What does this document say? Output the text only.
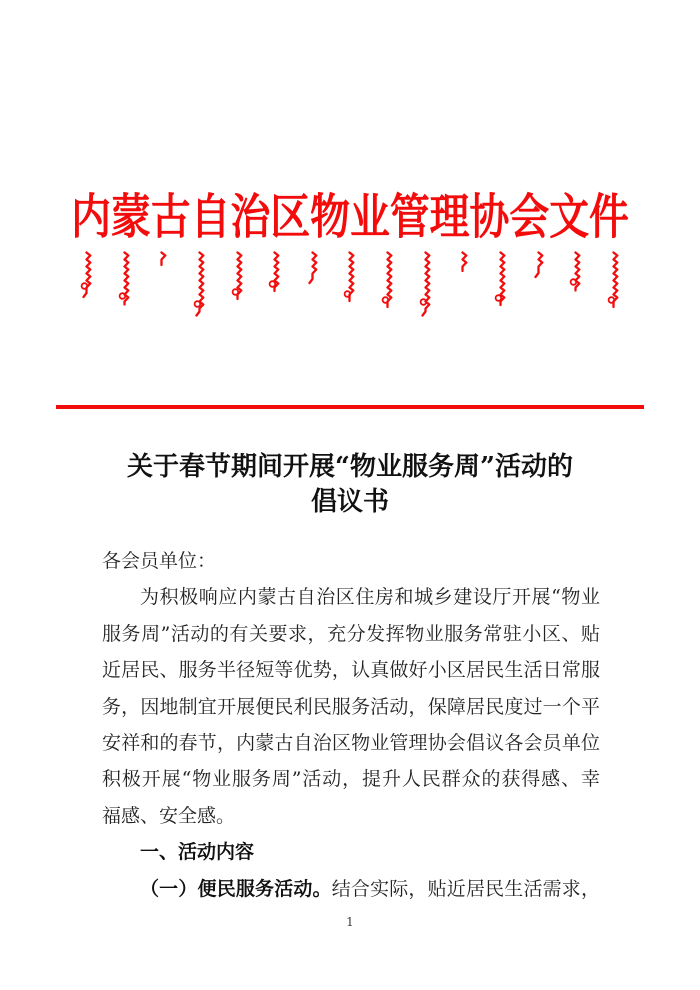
内蒙古自治区物业管理协会文件
关于春节期间开展“物业服务周”活动的
倡议书
各会员单位：
为积极响应内蒙古自治区住房和城乡建设厅开展“物业
服务周”活动的有关要求，充分发挥物业服务常驻小区、贴
近居民、服务半径短等优势，认真做好小区居民生活日常服
务，因地制宜开展便民利民服务活动，保障居民度过一个平
安祥和的春节，内蒙古自治区物业管理协会倡议各会员单位
积极开展“物业服务周”活动，提升人民群众的获得感、幸
福感、安全感。
一、活动内容
（一）便民服务活动。结合实际，贴近居民生活需求，
1
